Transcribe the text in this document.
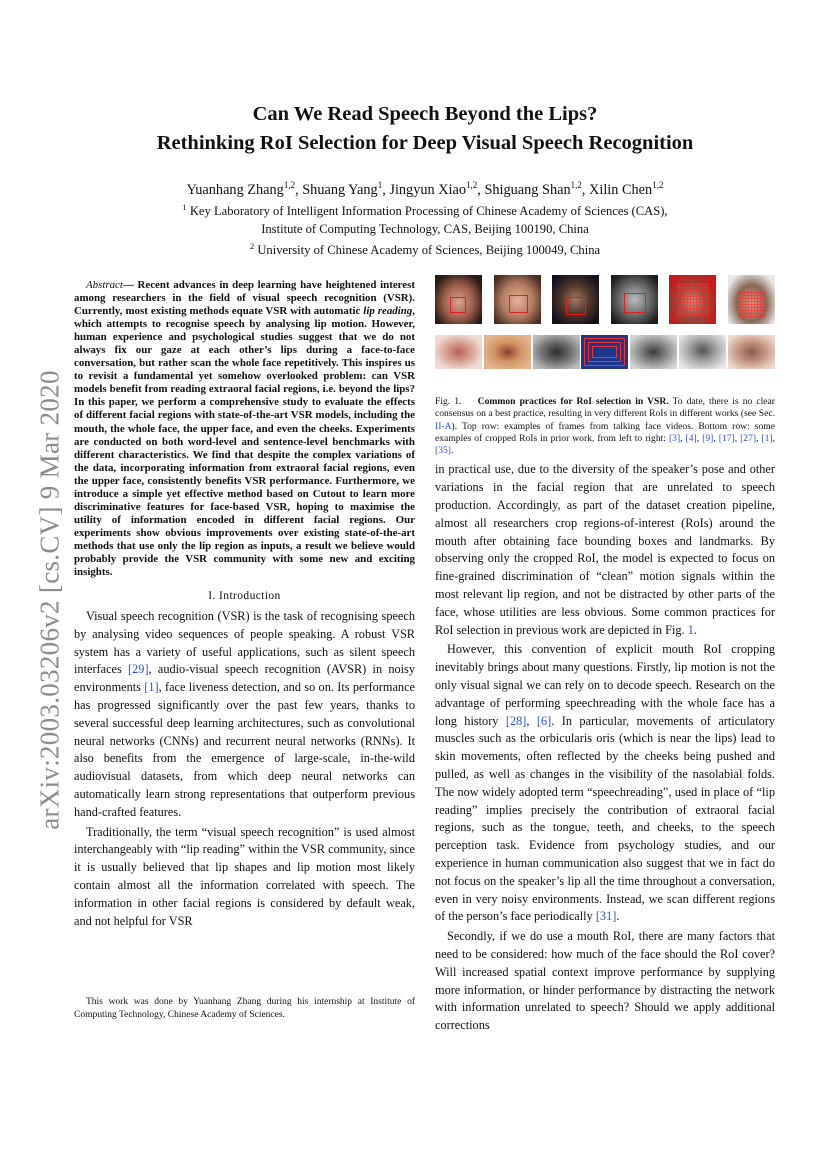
arXiv:2003.03206v2 [cs.CV] 9 Mar 2020
Can We Read Speech Beyond the Lips?
Rethinking RoI Selection for Deep Visual Speech Recognition
Yuanhang Zhang$^{1,2}$, Shuang Yang$^1$, Jingyun Xiao$^{1,2}$, Shiguang Shan$^{1,2}$, Xilin Chen$^{1,2}$
$^1$ Key Laboratory of Intelligent Information Processing of Chinese Academy of Sciences (CAS),
Institute of Computing Technology, CAS, Beijing 100190, China
$^2$ University of Chinese Academy of Sciences, Beijing 100049, China

Abstract— Recent advances in deep learning have heightened interest among researchers in the field of visual speech recognition (VSR). Currently, most existing methods equate VSR with automatic lip reading, which attempts to recognise speech by analysing lip motion. However, human experience and psychological studies suggest that we do not always fix our gaze at each other’s lips during a face-to-face conversation, but rather scan the whole face repetitively. This inspires us to revisit a fundamental yet somehow overlooked problem: can VSR models benefit from reading extraoral facial regions, i.e. beyond the lips? In this paper, we perform a comprehensive study to evaluate the effects of different facial regions with state-of-the-art VSR models, including the mouth, the whole face, the upper face, and even the cheeks. Experiments are conducted on both word-level and sentence-level benchmarks with different characteristics. We find that despite the complex variations of the data, incorporating information from extraoral facial regions, even the upper face, consistently benefits VSR performance. Furthermore, we introduce a simple yet effective method based on Cutout to learn more discriminative features for face-based VSR, hoping to maximise the utility of information encoded in different facial regions. Our experiments show obvious improvements over existing state-of-the-art methods that use only the lip region as inputs, a result we believe would probably provide the VSR community with some new and exciting insights.

I. Introduction

Visual speech recognition (VSR) is the task of recognising speech by analysing video sequences of people speaking. A robust VSR system has a variety of useful applications, such as silent speech interfaces [29], audio-visual speech recognition (AVSR) in noisy environments [1], face liveness detection, and so on. Its performance has progressed significantly over the past few years, thanks to several successful deep learning architectures, such as convolutional neural networks (CNNs) and recurrent neural networks (RNNs). It also benefits from the emergence of large-scale, in-the-wild audiovisual datasets, from which deep neural networks can automatically learn strong representations that outperform previous hand-crafted features.

Traditionally, the term “visual speech recognition” is used almost interchangeably with “lip reading” within the VSR community, since it is usually believed that lip shapes and lip motion most likely contain almost all the information correlated with speech. The information in other facial regions is considered by default weak, and not helpful for VSR

This work was done by Yuanhang Zhang during his internship at Institute of Computing Technology, Chinese Academy of Sciences.
Fig. 1. Common practices for RoI selection in VSR. To date, there is no clear consensus on a best practice, resulting in very different RoIs in different works (see Sec. II-A). Top row: examples of frames from talking face videos. Bottom row: some examples of cropped RoIs in prior work, from left to right: [3], [4], [9], [17], [27], [1], [35].

in practical use, due to the diversity of the speaker’s pose and other variations in the facial region that are unrelated to speech production. Accordingly, as part of the dataset creation pipeline, almost all researchers crop regions-of-interest (RoIs) around the mouth after obtaining face bounding boxes and landmarks. By observing only the cropped RoI, the model is expected to focus on fine-grained discrimination of “clean” motion signals within the most relevant lip region, and not be distracted by other parts of the face, whose utilities are less obvious. Some common practices for RoI selection in previous work are depicted in Fig. 1.

However, this convention of explicit mouth RoI cropping inevitably brings about many questions. Firstly, lip motion is not the only visual signal we can rely on to decode speech. Research on the advantage of performing speechreading with the whole face has a long history [28], [6]. In particular, movements of articulatory muscles such as the orbicularis oris (which is near the lips) lead to skin movements, often reflected by the cheeks being pushed and pulled, as well as changes in the visibility of the nasolabial folds. The now widely adopted term “speechreading”, used in place of “lip reading” implies precisely the contribution of extraoral facial regions, such as the tongue, teeth, and cheeks, to the speech perception task. Evidence from psychology studies, and our experience in human communication also suggest that we in fact do not focus on the speaker’s lip all the time throughout a conversation, even in very noisy environments. Instead, we scan different regions of the person’s face periodically [31].

Secondly, if we do use a mouth RoI, there are many factors that need to be considered: how much of the face should the RoI cover? Will increased spatial context improve performance by supplying more information, or hinder performance by distracting the network with information unrelated to speech? Should we apply additional corrections
